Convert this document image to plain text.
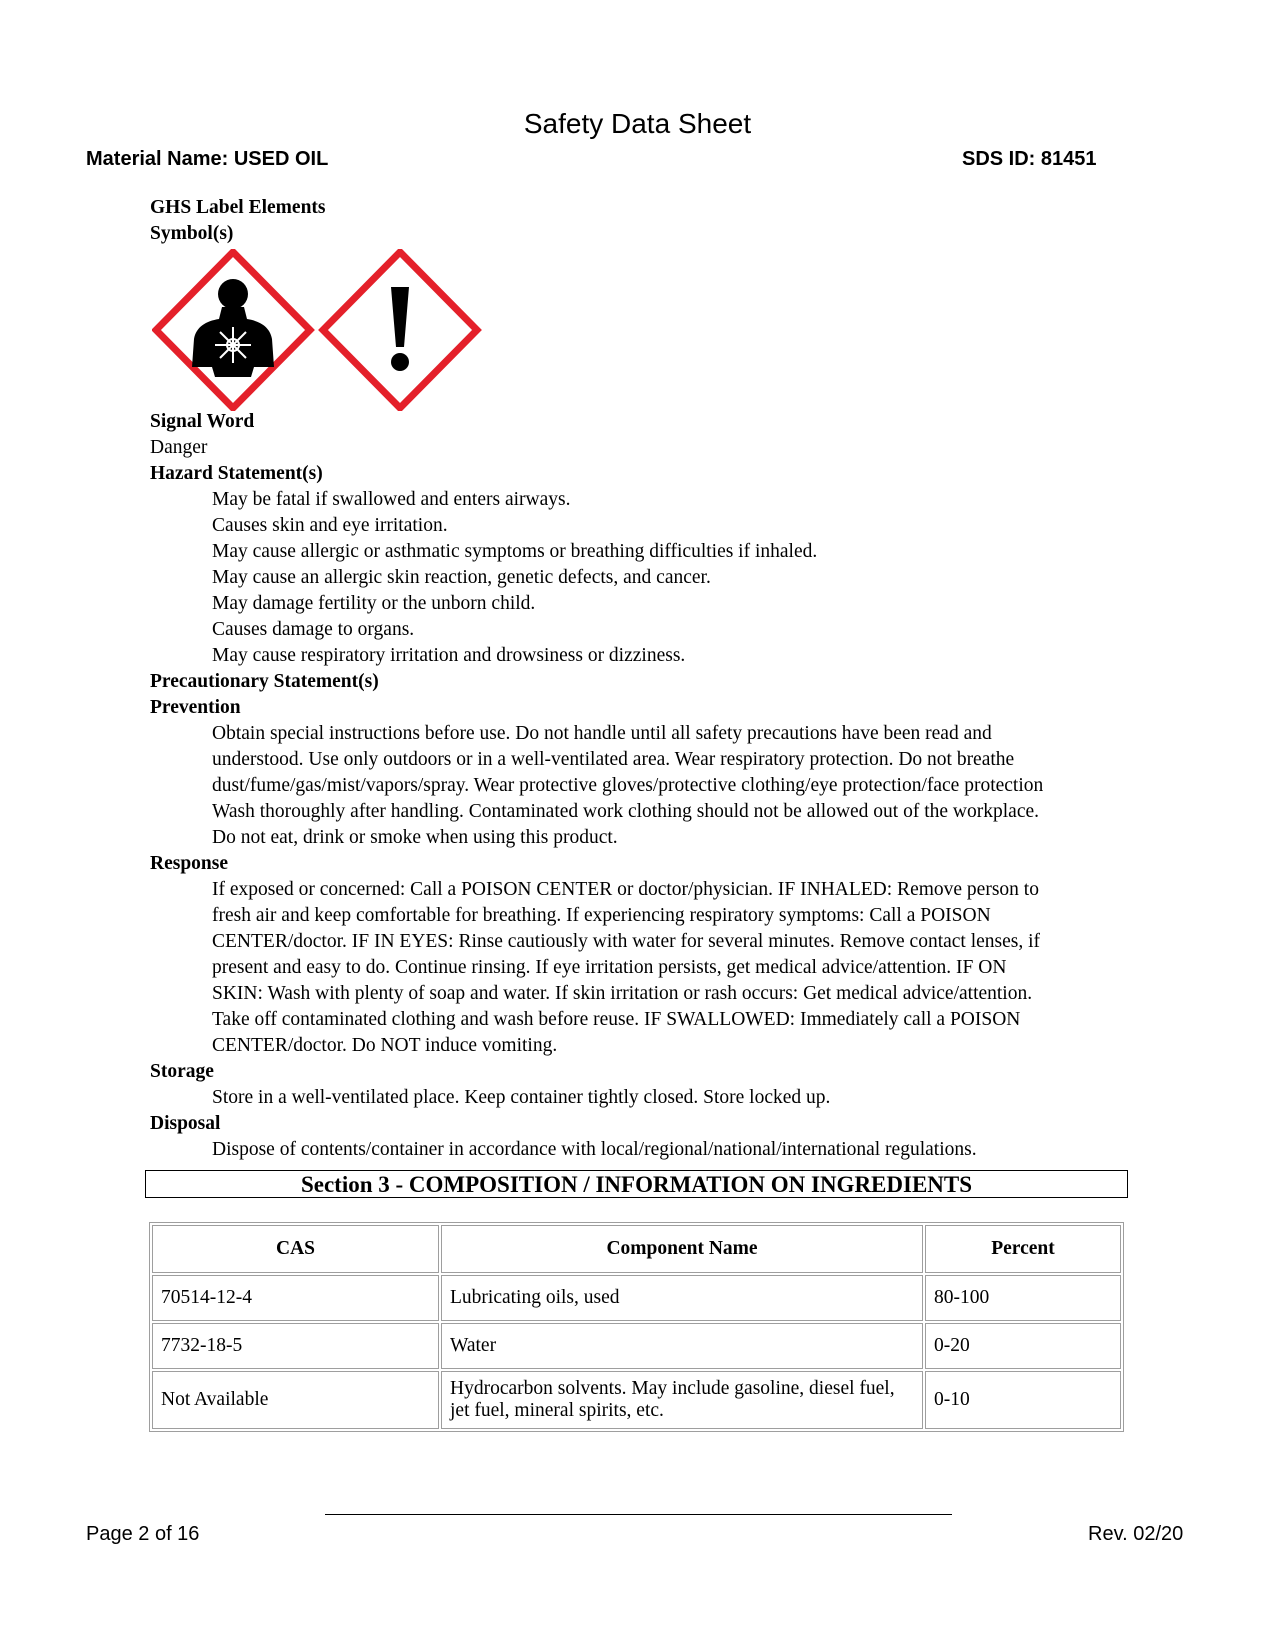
Safety Data Sheet
Material Name: USED OIL	SDS ID: 81451
GHS Label Elements
Symbol(s)
Signal Word
Danger
Hazard Statement(s)
May be fatal if swallowed and enters airways.
Causes skin and eye irritation.
May cause allergic or asthmatic symptoms or breathing difficulties if inhaled.
May cause an allergic skin reaction, genetic defects, and cancer.
May damage fertility or the unborn child.
Causes damage to organs.
May cause respiratory irritation and drowsiness or dizziness.
Precautionary Statement(s)
Prevention
Obtain special instructions before use. Do not handle until all safety precautions have been read and
understood. Use only outdoors or in a well-ventilated area. Wear respiratory protection. Do not breathe
dust/fume/gas/mist/vapors/spray. Wear protective gloves/protective clothing/eye protection/face protection
Wash thoroughly after handling. Contaminated work clothing should not be allowed out of the workplace.
Do not eat, drink or smoke when using this product.
Response
If exposed or concerned: Call a POISON CENTER or doctor/physician. IF INHALED: Remove person to
fresh air and keep comfortable for breathing. If experiencing respiratory symptoms: Call a POISON
CENTER/doctor. IF IN EYES: Rinse cautiously with water for several minutes. Remove contact lenses, if
present and easy to do. Continue rinsing. If eye irritation persists, get medical advice/attention. IF ON
SKIN: Wash with plenty of soap and water. If skin irritation or rash occurs: Get medical advice/attention.
Take off contaminated clothing and wash before reuse. IF SWALLOWED: Immediately call a POISON
CENTER/doctor. Do NOT induce vomiting.
Storage
Store in a well-ventilated place. Keep container tightly closed. Store locked up.
Disposal
Dispose of contents/container in accordance with local/regional/national/international regulations.
Section 3 - COMPOSITION / INFORMATION ON INGREDIENTS
CAS	Component Name	Percent
70514-12-4	Lubricating oils, used	80-100
7732-18-5	Water	0-20
Not Available	Hydrocarbon solvents. May include gasoline, diesel fuel, jet fuel, mineral spirits, etc.	0-10
Page 2 of 16	Rev. 02/20
